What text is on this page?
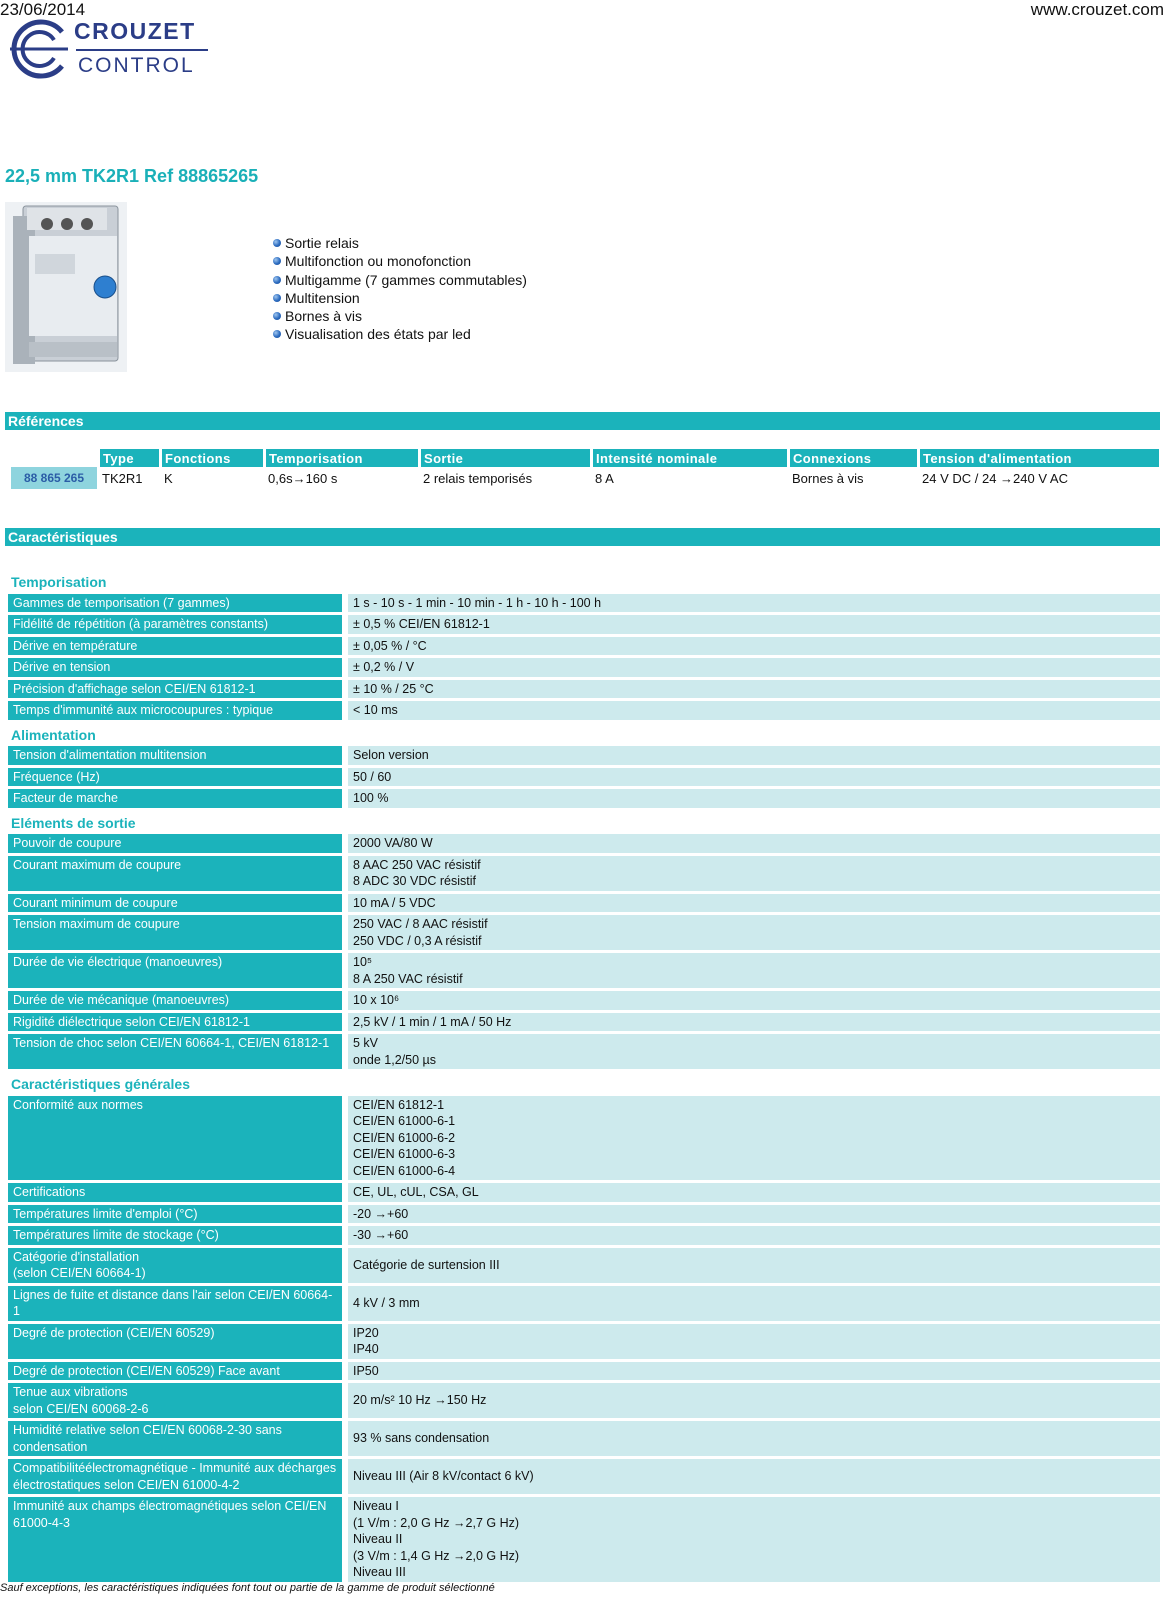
23/06/2014	www.crouzet.com
CROUZET
CONTROL
22,5 mm TK2R1 Ref 88865265
Sortie relais
Multifonction ou monofonction
Multigamme (7 gammes commutables)
Multitension
Bornes à vis
Visualisation des états par led
Références
	Type	Fonctions	Temporisation	Sortie	Intensité nominale	Connexions	Tension d'alimentation
88 865 265	TK2R1	K	0,6s→160 s	2 relais temporisés	8 A	Bornes à vis	24 V DC / 24 →240 V AC
Caractéristiques
Temporisation	
Gammes de temporisation (7 gammes)	1 s - 10 s - 1 min - 10 min - 1 h - 10 h - 100 h

Fidélité de répétition (à paramètres constants)	± 0,5 % CEI/EN 61812-1

Dérive en température	± 0,05 % / °C

Dérive en tension	± 0,2 % / V

Précision d'affichage selon CEI/EN 61812-1	± 10 % / 25 °C

Temps d'immunité aux microcoupures : typique	< 10 ms

Alimentation	
Tension d'alimentation multitension	Selon version

Fréquence (Hz)	50 / 60

Facteur de marche	100 %

Eléments de sortie	
Pouvoir de coupure	2000 VA/80 W

Courant maximum de coupure	8 AAC 250 VAC résistif
8 ADC 30 VDC résistif

Courant minimum de coupure	10 mA / 5 VDC

Tension maximum de coupure	250 VAC / 8 AAC résistif
250 VDC / 0,3 A résistif

Durée de vie électrique (manoeuvres)	10⁵
8 A 250 VAC résistif

Durée de vie mécanique (manoeuvres)	10 x 10⁶

Rigidité diélectrique selon CEI/EN 61812-1	2,5 kV / 1 min / 1 mA / 50 Hz

Tension de choc selon CEI/EN 60664-1, CEI/EN 61812-1	5 kV
onde 1,2/50 µs

Caractéristiques générales	
Conformité aux normes	CEI/EN 61812-1
CEI/EN 61000-6-1
CEI/EN 61000-6-2
CEI/EN 61000-6-3
CEI/EN 61000-6-4

Certifications	CE, UL, cUL, CSA, GL

Températures limite d'emploi (°C)	-20 →+60

Températures limite de stockage (°C)	-30 →+60

Catégorie d'installation
(selon CEI/EN 60664-1)	Catégorie de surtension III

Lignes de fuite et distance dans l'air selon CEI/EN 60664-1	4 kV / 3 mm

Degré de protection (CEI/EN 60529)	IP20
IP40

Degré de protection (CEI/EN 60529) Face avant	IP50

Tenue aux vibrations
selon CEI/EN 60068-2-6	20 m/s² 10 Hz →150 Hz

Humidité relative selon CEI/EN 60068-2-30 sans condensation	93 % sans condensation

Compatibilitéélectromagnétique - Immunité aux décharges électrostatiques selon CEI/EN 61000-4-2	Niveau III (Air 8 kV/contact 6 kV)

Immunité aux champs électromagnétiques selon CEI/EN 61000-4-3	Niveau I
(1 V/m : 2,0 G Hz →2,7 G Hz)
Niveau II
(3 V/m : 1,4 G Hz →2,0 G Hz)
Niveau III
Sauf exceptions, les caractéristiques indiquées font tout ou partie de la gamme de produit sélectionné
